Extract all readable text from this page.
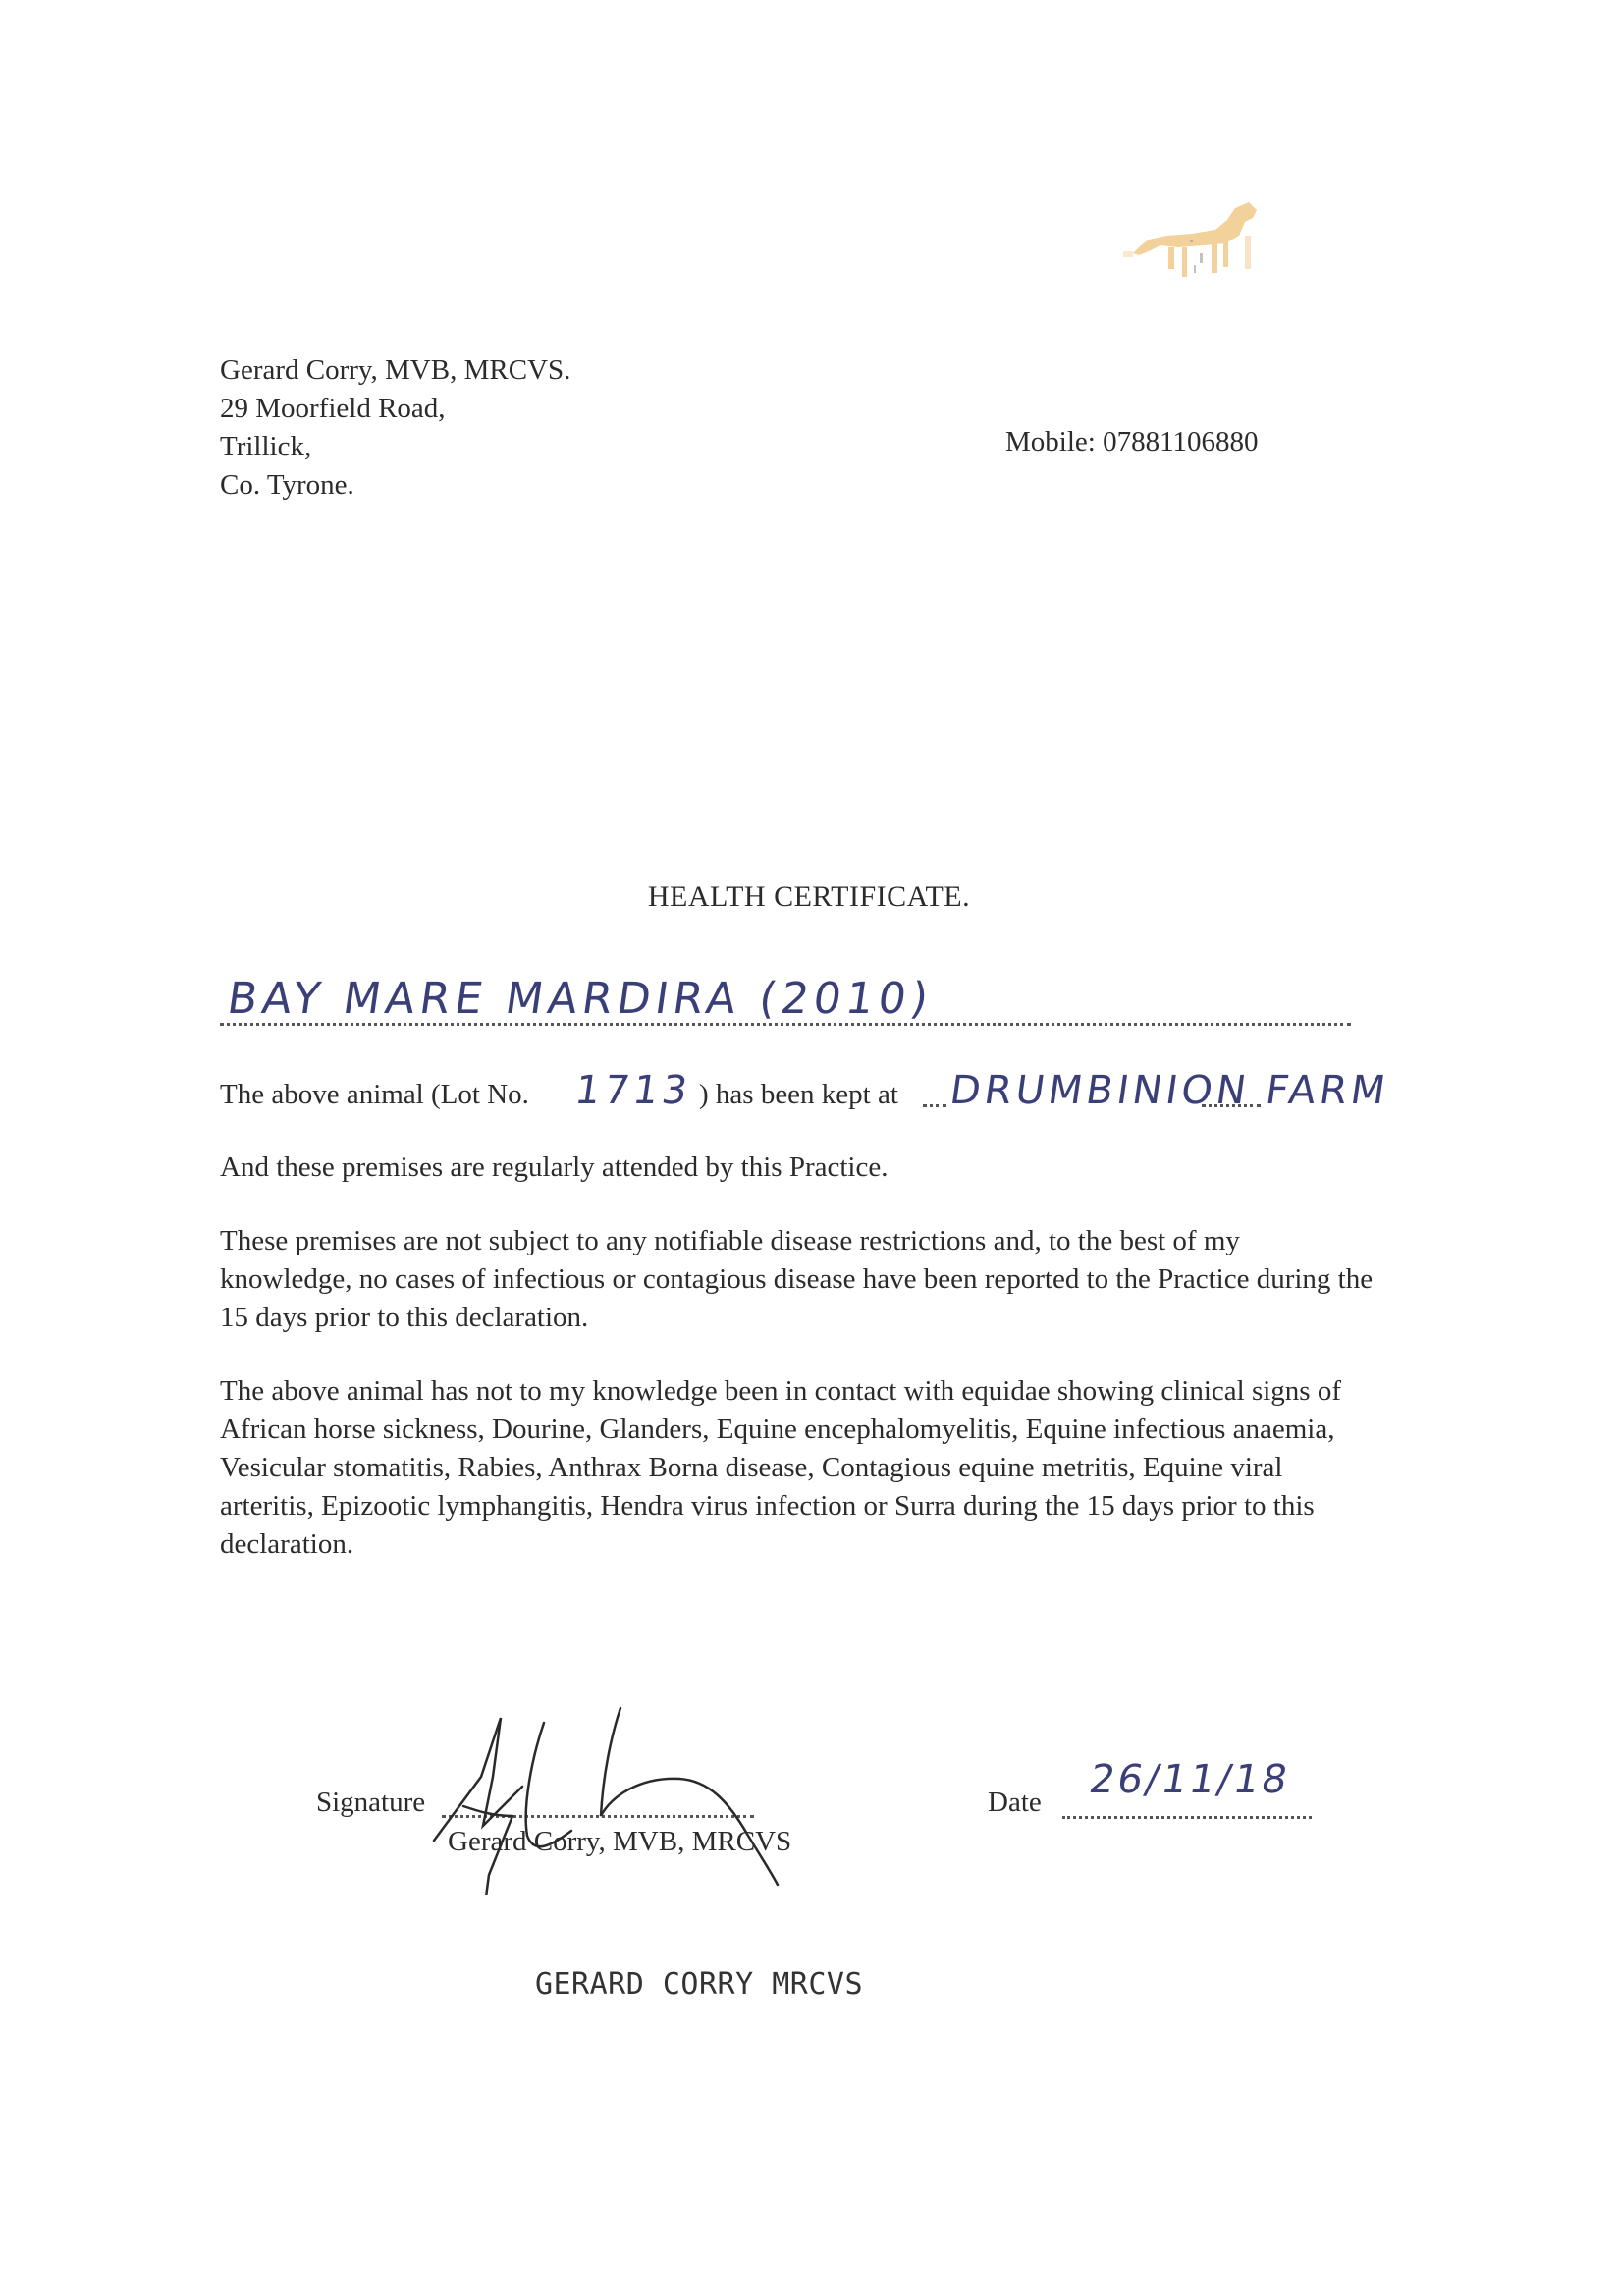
Gerard Corry, MVB, MRCVS.
29 Moorfield Road,
Trillick,
Co. Tyrone.
Mobile: 07881106880
HEALTH CERTIFICATE.
BAY MARE MARDIRA (2010)
The above animal (Lot No. 1713 ) has been kept at DRUMBINION FARM
And these premises are regularly attended by this Practice.
These premises are not subject to any notifiable disease restrictions and, to the best of my knowledge, no cases of infectious or contagious disease have been reported to the Practice during the 15 days prior to this declaration.
The above animal has not to my knowledge been in contact with equidae showing clinical signs of African horse sickness, Dourine, Glanders, Equine encephalomyelitis, Equine infectious anaemia, Vesicular stomatitis, Rabies, Anthrax Borna disease, Contagious equine metritis, Equine viral arteritis, Epizootic lymphangitis, Hendra virus infection or Surra during the 15 days prior to this declaration.
Signature
Gerard Corry, MVB, MRCVS
Date 26/11/18
GERARD CORRY MRCVS
